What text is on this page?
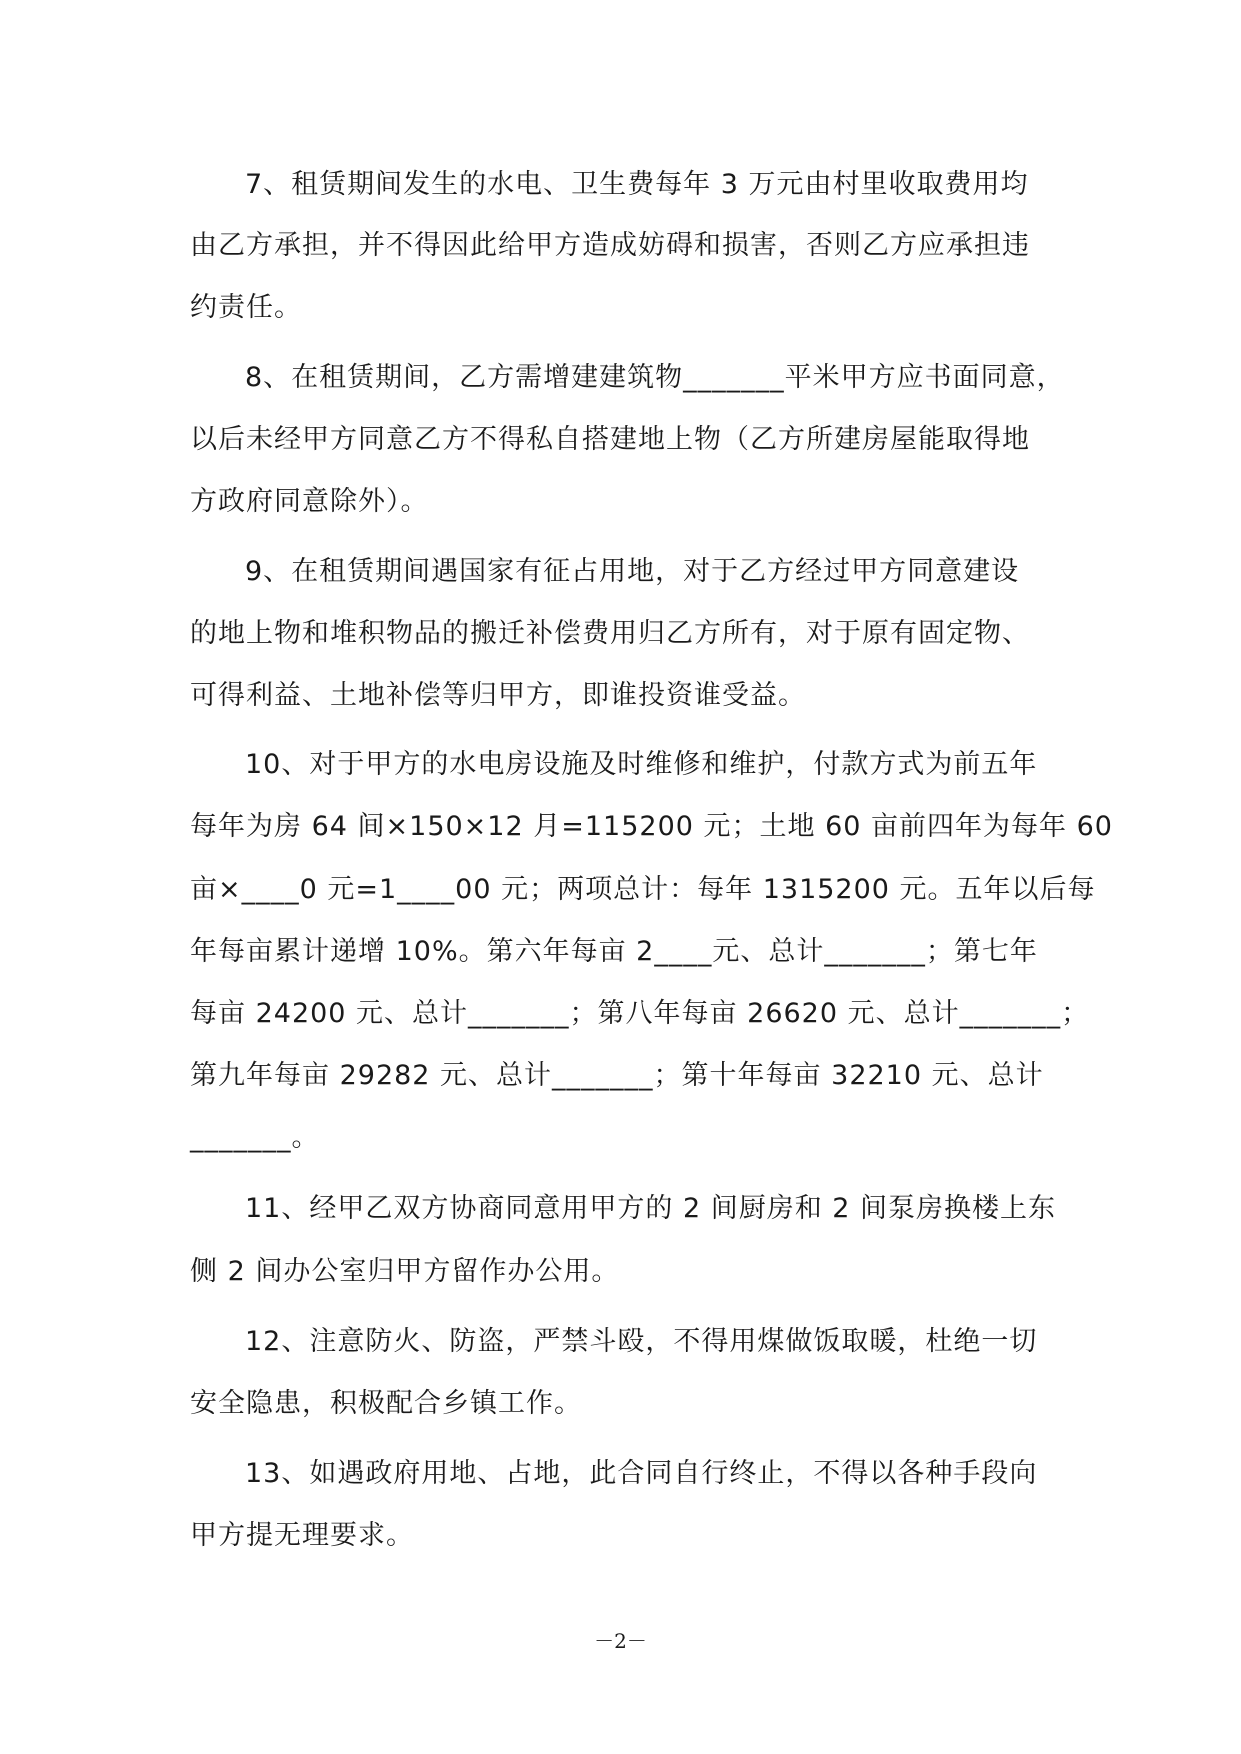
7、租赁期间发生的水电、卫生费每年 3 万元由村里收取费用均
由乙方承担，并不得因此给甲方造成妨碍和损害，否则乙方应承担违
约责任。
8、在租赁期间，乙方需增建建筑物_______平米甲方应书面同意，
以后未经甲方同意乙方不得私自搭建地上物（乙方所建房屋能取得地
方政府同意除外）。
9、在租赁期间遇国家有征占用地，对于乙方经过甲方同意建设
的地上物和堆积物品的搬迁补偿费用归乙方所有，对于原有固定物、
可得利益、土地补偿等归甲方，即谁投资谁受益。
10、对于甲方的水电房设施及时维修和维护，付款方式为前五年
每年为房 64 间×150×12 月=115200 元；土地 60 亩前四年为每年 60
亩×____0 元=1____00 元；两项总计：每年 1315200 元。五年以后每
年每亩累计递增 10%。第六年每亩 2____元、总计_______；第七年
每亩 24200 元、总计_______；第八年每亩 26620 元、总计_______；
第九年每亩 29282 元、总计_______；第十年每亩 32210 元、总计
_______。
11、经甲乙双方协商同意用甲方的 2 间厨房和 2 间泵房换楼上东
侧 2 间办公室归甲方留作办公用。
12、注意防火、防盗，严禁斗殴，不得用煤做饭取暖，杜绝一切
安全隐患，积极配合乡镇工作。
13、如遇政府用地、占地，此合同自行终止，不得以各种手段向
甲方提无理要求。
－2－
